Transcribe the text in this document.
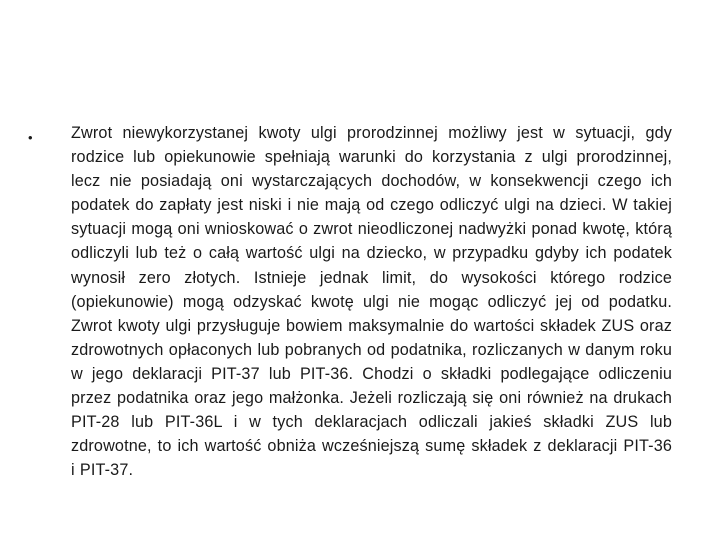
• Zwrot niewykorzystanej kwoty ulgi prorodzinnej możliwy jest w sytuacji, gdy rodzice lub opiekunowie spełniają warunki do korzystania z ulgi prorodzinnej, lecz nie posiadają oni wystarczających dochodów, w konsekwencji czego ich podatek do zapłaty jest niski i nie mają od czego odliczyć ulgi na dzieci. W takiej sytuacji mogą oni wnioskować o zwrot nieodliczonej nadwyżki ponad kwotę, którą odliczyli lub też o całą wartość ulgi na dziecko, w przypadku gdyby ich podatek wynosił zero złotych. Istnieje jednak limit, do wysokości którego rodzice (opiekunowie) mogą odzyskać kwotę ulgi nie mogąc odliczyć jej od podatku. Zwrot kwoty ulgi przysługuje bowiem maksymalnie do wartości składek ZUS oraz zdrowotnych opłaconych lub pobranych od podatnika, rozliczanych w danym roku w jego deklaracji PIT-37 lub PIT-36. Chodzi o składki podlegające odliczeniu przez podatnika oraz jego małżonka. Jeżeli rozliczają się oni również na drukach PIT-28 lub PIT-36L i w tych deklaracjach odliczali jakieś składki ZUS lub zdrowotne, to ich wartość obniża wcześniejszą sumę składek z deklaracji PIT-36 i PIT-37.
